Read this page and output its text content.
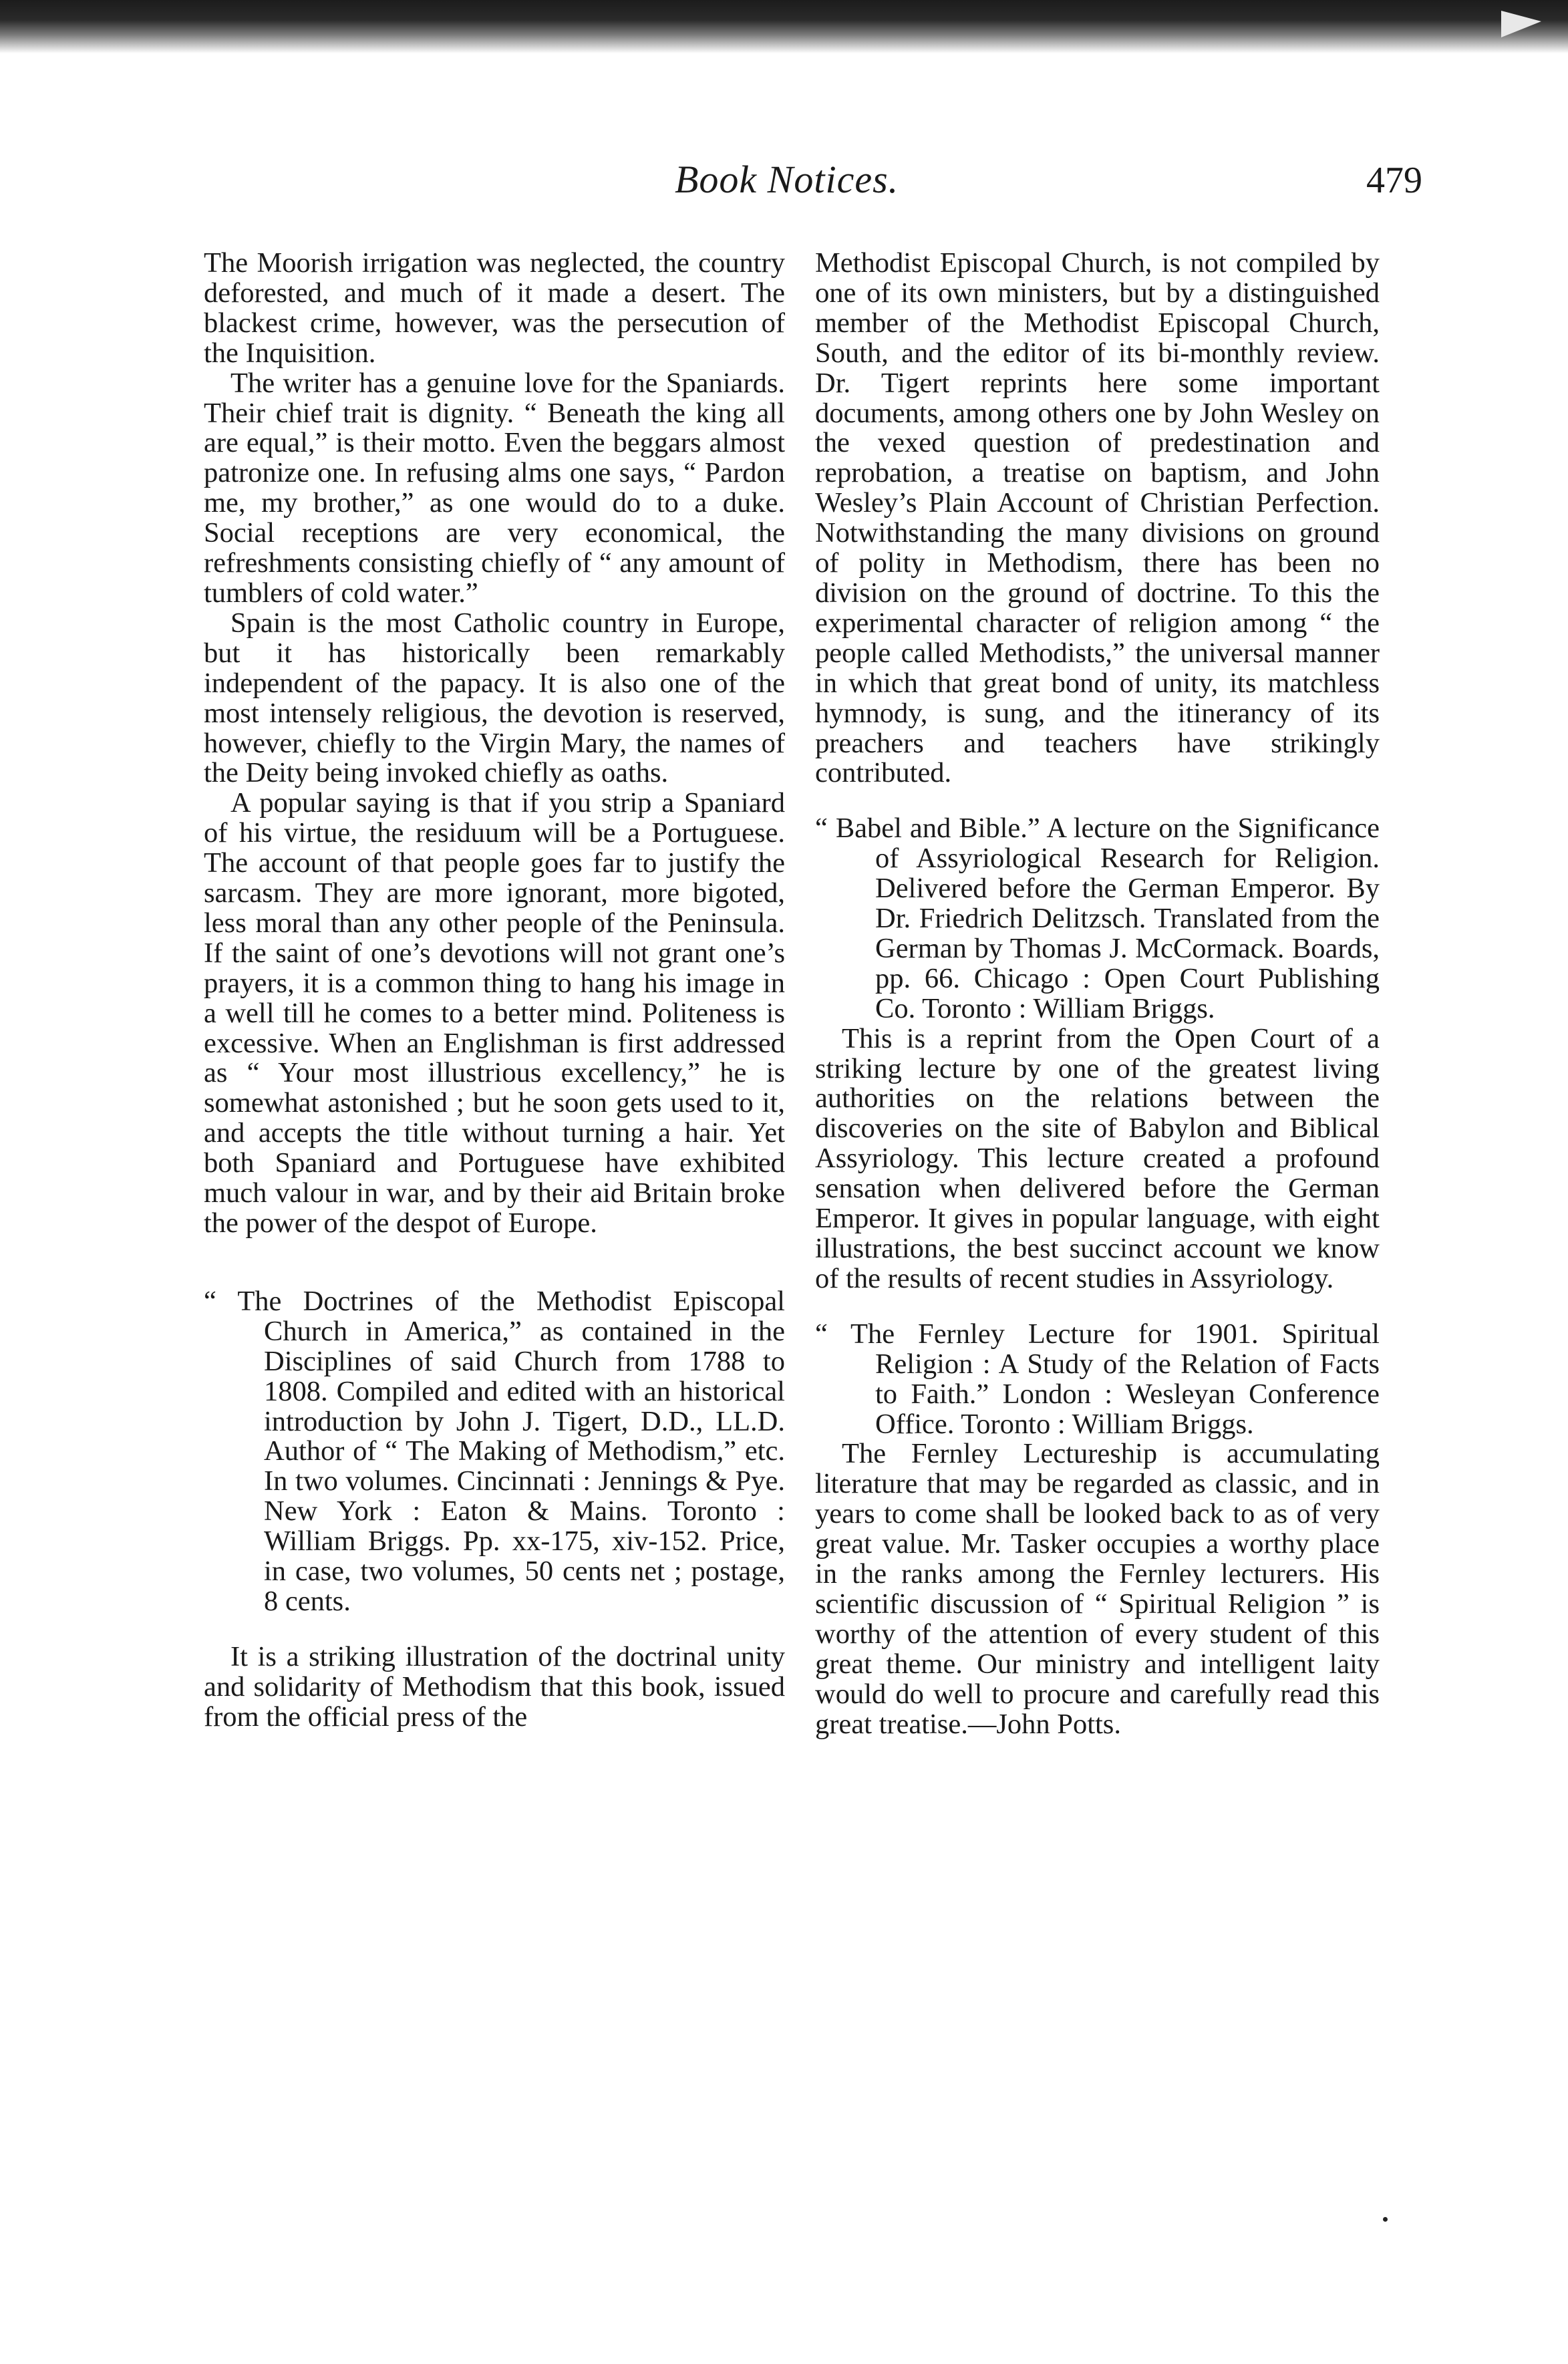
Book Notices.	479

The Moorish irrigation was neglected, the country deforested, and much of it made a desert. The blackest crime, however, was the persecution of the Inquisition.

The writer has a genuine love for the Spaniards. Their chief trait is dignity. “ Beneath the king all are equal,” is their motto. Even the beggars almost patronize one. In refusing alms one says, “ Pardon me, my brother,” as one would do to a duke. Social receptions are very economical, the refreshments consisting chiefly of “ any amount of tumblers of cold water.”

Spain is the most Catholic country in Europe, but it has historically been remarkably independent of the papacy. It is also one of the most intensely religious, the devotion is reserved, however, chiefly to the Virgin Mary, the names of the Deity being invoked chiefly as oaths.

A popular saying is that if you strip a Spaniard of his virtue, the residuum will be a Portuguese. The account of that people goes far to justify the sarcasm. They are more ignorant, more bigoted, less moral than any other people of the Peninsula. If the saint of one’s devotions will not grant one’s prayers, it is a common thing to hang his image in a well till he comes to a better mind. Politeness is excessive. When an Englishman is first addressed as “ Your most illustrious excellency,” he is somewhat astonished ; but he soon gets used to it, and accepts the title without turning a hair. Yet both Spaniard and Portuguese have exhibited much valour in war, and by their aid Britain broke the power of the despot of Europe.

“ The Doctrines of the Methodist Episcopal Church in America,” as contained in the Disciplines of said Church from 1788 to 1808. Compiled and edited with an historical introduction by John J. Tigert, D.D., LL.D. Author of “ The Making of Methodism,” etc. In two volumes. Cincinnati : Jennings & Pye. New York : Eaton & Mains. Toronto : William Briggs. Pp. xx-175, xiv-152. Price, in case, two volumes, 50 cents net ; postage, 8 cents.

It is a striking illustration of the doctrinal unity and solidarity of Methodism that this book, issued from the official press of the

Methodist Episcopal Church, is not compiled by one of its own ministers, but by a distinguished member of the Methodist Episcopal Church, South, and the editor of its bi-monthly review. Dr. Tigert reprints here some important documents, among others one by John Wesley on the vexed question of predestination and reprobation, a treatise on baptism, and John Wesley’s Plain Account of Christian Perfection. Notwithstanding the many divisions on ground of polity in Methodism, there has been no division on the ground of doctrine. To this the experimental character of religion among “ the people called Methodists,” the universal manner in which that great bond of unity, its matchless hymnody, is sung, and the itinerancy of its preachers and teachers have strikingly contributed.

“ Babel and Bible.” A lecture on the Significance of Assyriological Research for Religion. Delivered before the German Emperor. By Dr. Friedrich Delitzsch. Translated from the German by Thomas J. McCormack. Boards, pp. 66. Chicago : Open Court Publishing Co. Toronto : William Briggs.

This is a reprint from the Open Court of a striking lecture by one of the greatest living authorities on the relations between the discoveries on the site of Babylon and Biblical Assyriology. This lecture created a profound sensation when delivered before the German Emperor. It gives in popular language, with eight illustrations, the best succinct account we know of the results of recent studies in Assyriology.

“ The Fernley Lecture for 1901. Spiritual Religion : A Study of the Relation of Facts to Faith.” London : Wesleyan Conference Office. Toronto : William Briggs.

The Fernley Lectureship is accumulating literature that may be regarded as classic, and in years to come shall be looked back to as of very great value. Mr. Tasker occupies a worthy place in the ranks among the Fernley lecturers. His scientific discussion of “ Spiritual Religion ” is worthy of the attention of every student of this great theme. Our ministry and intelligent laity would do well to procure and carefully read this great treatise.—John Potts.
